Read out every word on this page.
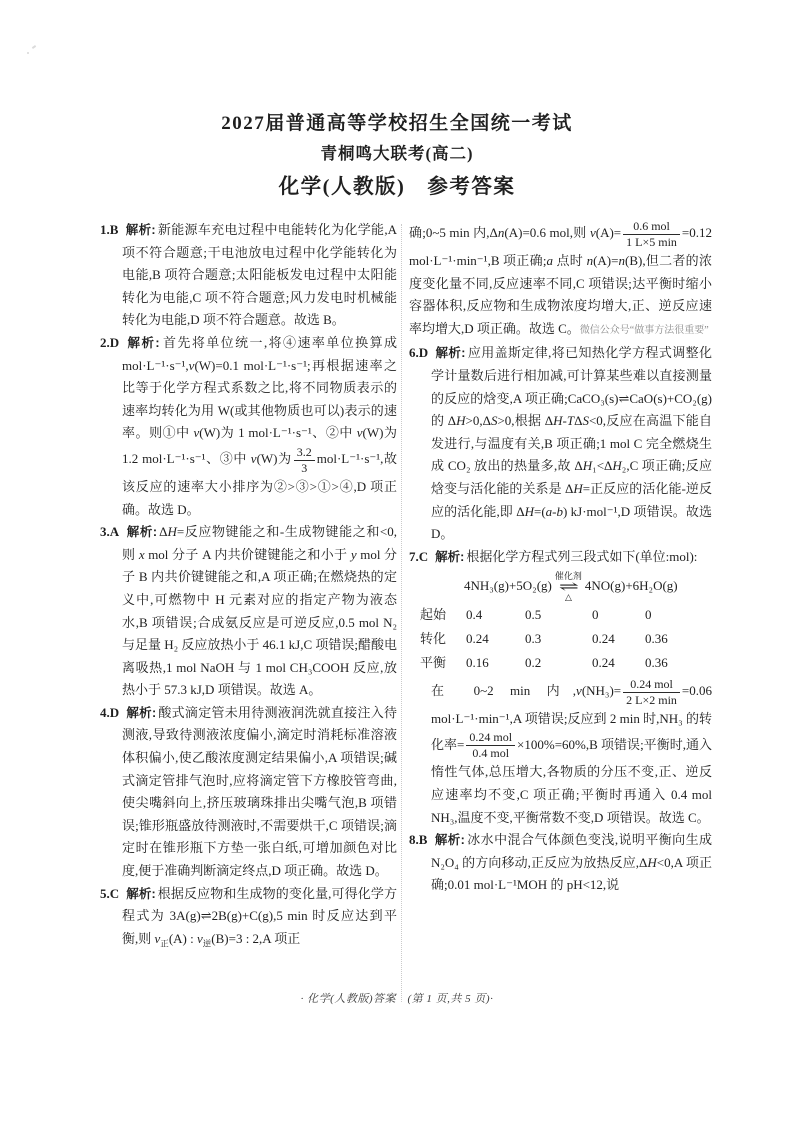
2027届普通高等学校招生全国统一考试
青桐鸣大联考(高二)
化学(人教版)　参考答案
1.B 解析: 新能源车充电过程中电能转化为化学能,A 项不符合题意;干电池放电过程中化学能转化为电能,B 项符合题意;太阳能板发电过程中太阳能转化为电能,C 项不符合题意;风力发电时机械能转化为电能,D 项不符合题意。故选 B。
2.D 解析: 首先将单位统一,将④速率单位换算成 mol·L⁻¹·s⁻¹,v(W)=0.1 mol·L⁻¹·s⁻¹;再根据速率之比等于化学方程式系数之比,将不同物质表示的速率均转化为用 W(或其他物质也可以)表示的速率。则①中 v(W)为 1 mol·L⁻¹·s⁻¹、②中 v(W)为 1.2 mol·L⁻¹·s⁻¹、③中 v(W)为 $\frac{3.2}{3} mol\cdot L^{-1}\cdot s^{-1}$,故该反应的速率大小排序为②>③>①>④,D 项正确。故选 D。
3.A 解析: ΔH=反应物键能之和-生成物键能之和<0,则 x mol 分子 A 内共价键键能之和小于 y mol 分子 B 内共价键键能之和,A 项正确;在燃烧热的定义中,可燃物中 H 元素对应的指定产物为液态水,B 项错误;合成氨反应是可逆反应,0.5 mol N₂ 与足量 H₂ 反应放热小于 46.1 kJ,C 项错误;醋酸电离吸热,1 mol NaOH 与 1 mol CH₃COOH 反应,放热小于 57.3 kJ,D 项错误。故选 A。
4.D 解析: 酸式滴定管未用待测液润洗就直接注入待测液,导致待测液浓度偏小,滴定时消耗标准溶液体积偏小,使乙酸浓度测定结果偏小,A 项错误;碱式滴定管排气泡时,应将滴定管下方橡胶管弯曲,使尖嘴斜向上,挤压玻璃珠排出尖嘴气泡,B 项错误;锥形瓶盛放待测液时,不需要烘干,C 项错误;滴定时在锥形瓶下方垫一张白纸,可增加颜色对比度,便于准确判断滴定终点,D 项正确。故选 D。
5.C 解析: 根据反应物和生成物的变化量,可得化学方程式为 3A(g)⇌2B(g)+C(g),5 min 时反应达到平衡,则 $v_正(A)$ : $v_逆(B)=3$ : 2,A 项正
确;0~5 min 内,Δn(A)=0.6 mol,则 $v(A)= \frac{\text{0.6 mol}}{1 L\times 5 \min} =0.12$ mol·L⁻¹·min⁻¹,B 项正确;a 点时 n(A)=n(B),但二者的浓度变化量不同,反应速率不同,C 项错误;达平衡时缩小容器体积,反应物和生成物浓度均增大,正、逆反应速率均增大,D 项正确。故选 C。微信公众号“做事方法很重要”
6.D 解析: 应用盖斯定律,将已知热化学方程式调整化学计量数后进行相加减,可计算某些难以直接测量的反应的焓变,A 项正确;CaCO₃(s)⇌CaO(s)+CO₂(g) 的 ΔH>0,ΔS>0,根据 ΔH-TΔS<0,反应在高温下能自发进行,与温度有关,B 项正确;1 mol C 完全燃烧生成 CO₂ 放出的热量多,故 ΔH₁<ΔH₂,C 项正确;反应焓变与活化能的关系是 ΔH=正反应的活化能-逆反应的活化能,即 ΔH=(a-b) kJ·mol⁻¹,D 项错误。故选 D。
7.C 解析: 根据化学方程式列三段式如下(单位:mol):
4NH₃(g)+5O₂(g)
催化剂
⇌
△
4NO(g)+6H₂O(g)
起始	0.4	0.5	0	0
转化	0.24	0.3	0.24	0.36
平衡	0.16	0.2	0.24	0.36
在 0~2 min 内$,v(NH_3)= \frac{\text{0.24 mol}}{2 L\times 2 \min} =0.06$ mol·L⁻¹·min⁻¹,A 项错误;反应到 2 min 时,NH₃ 的转化率= $\frac{\text{0.24 mol}}{\text{0.4 mol}} \times 100\%=60\%,B$ 项错误;平衡时,通入惰性气体,总压增大,各物质的分压不变,正、逆反应速率均不变,C 项正确;平衡时再通入 0.4 mol NH₃,温度不变,平衡常数不变,D 项错误。故选 C。
8.B 解析: 冰水中混合气体颜色变浅,说明平衡向生成 N₂O₄ 的方向移动,正反应为放热反应,ΔH<0,A 项正确;0.01 mol·L⁻¹MOH 的 pH<12,说
· 化学(人教版)答案　(第 1 页,共 5 页)·
